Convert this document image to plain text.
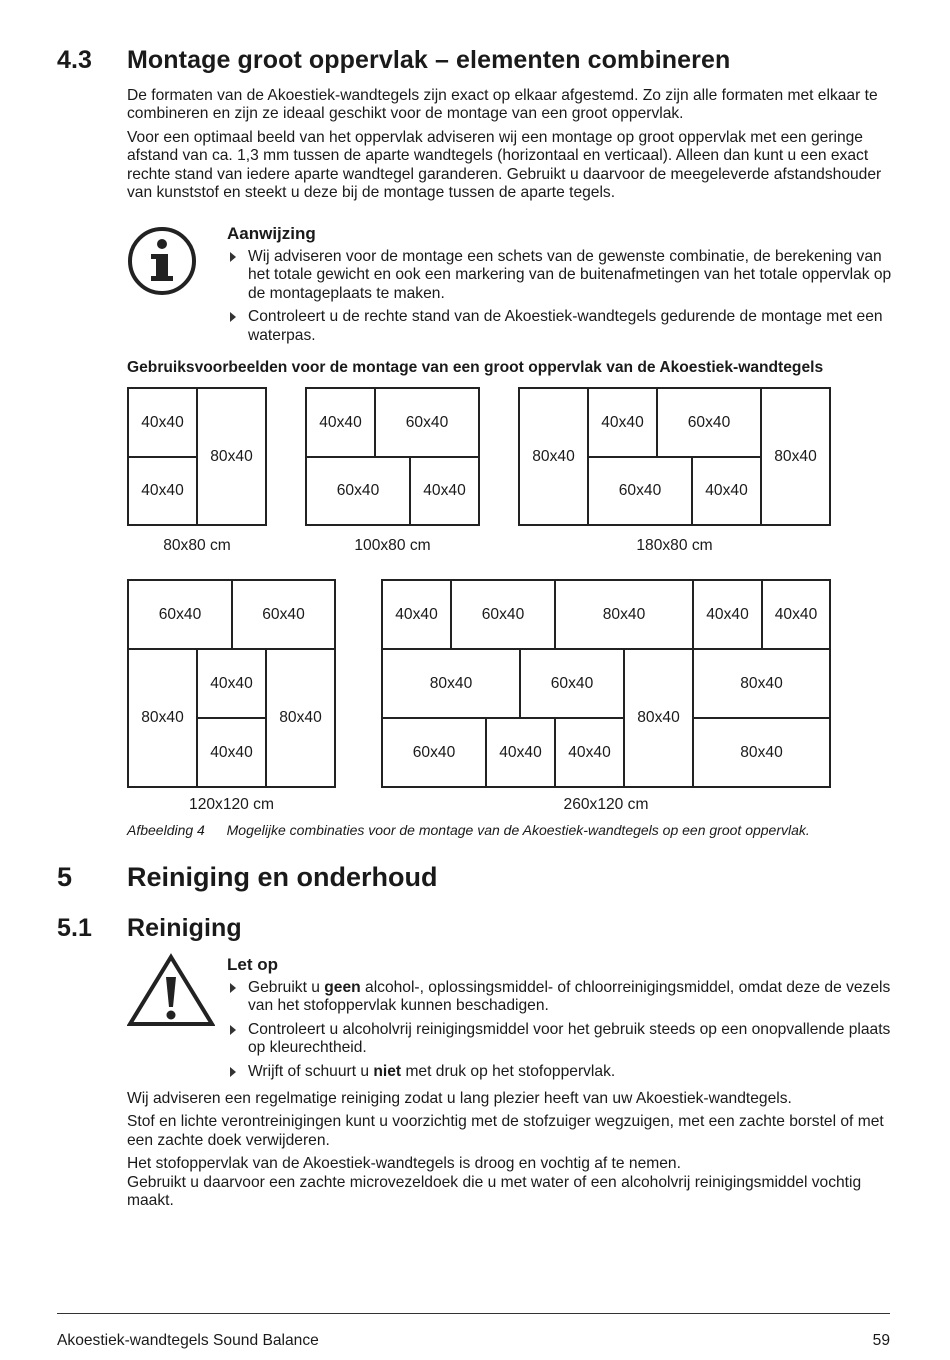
4.3 Montage groot oppervlak – elementen combineren

De formaten van de Akoestiek-wandtegels zijn exact op elkaar afgestemd. Zo zijn alle formaten met elkaar te combineren en zijn ze ideaal geschikt voor de montage van een groot oppervlak.

Voor een optimaal beeld van het oppervlak adviseren wij een montage op groot oppervlak met een geringe afstand van ca. 1,3 mm tussen de aparte wandtegels (horizontaal en verticaal). Alleen dan kunt u een exact rechte stand van iedere aparte wandtegel garanderen. Gebruikt u daarvoor de meegeleverde afstandshouder van kunststof en steekt u deze bij de montage tussen de aparte tegels.

Aanwijzing
Wij adviseren voor de montage een schets van de gewenste combinatie, de berekening van het totale gewicht en ook een markering van de buitenafmetingen van het totale oppervlak op de montageplaats te maken.
Controleert u de rechte stand van de Akoestiek-wandtegels gedurende de montage met een waterpas.
Gebruiksvoorbeelden voor de montage van een groot oppervlak van de Akoestiek-wandtegels
40x40
40x40
80x40
40x40	60x40
60x40	40x40
80x40
40x40	60x40
60x40	40x40
80x40
80x80 cm	100x80 cm	180x80 cm
60x40	60x40
80x40
40x40
40x40
80x40
40x40	60x40	80x40	40x40	40x40
80x40	60x40
80x40
80x40
60x40	40x40	40x40	80x40
120x120 cm	260x120 cm
Afbeelding 4 Mogelijke combinaties voor de montage van de Akoestiek-wandtegels op een groot oppervlak.
5 Reiniging en onderhoud
5.1 Reiniging
Let op
Gebruikt u geen alcohol-, oplossingsmiddel- of chloorreinigingsmiddel, omdat deze de vezels van het stofoppervlak kunnen beschadigen.
Controleert u alcoholvrij reinigingsmiddel voor het gebruik steeds op een onopvallende plaats op kleurechtheid.
Wrijft of schuurt u niet met druk op het stofoppervlak.

Wij adviseren een regelmatige reiniging zodat u lang plezier heeft van uw Akoestiek-wandtegels.

Stof en lichte verontreinigingen kunt u voorzichtig met de stofzuiger wegzuigen, met een zachte borstel of met een zachte doek verwijderen.

Het stofoppervlak van de Akoestiek-wandtegels is droog en vochtig af te nemen.

Gebruikt u daarvoor een zachte microvezeldoek die u met water of een alcoholvrij reinigingsmiddel vochtig maakt.

Akoestiek-wandtegels Sound Balance	59
